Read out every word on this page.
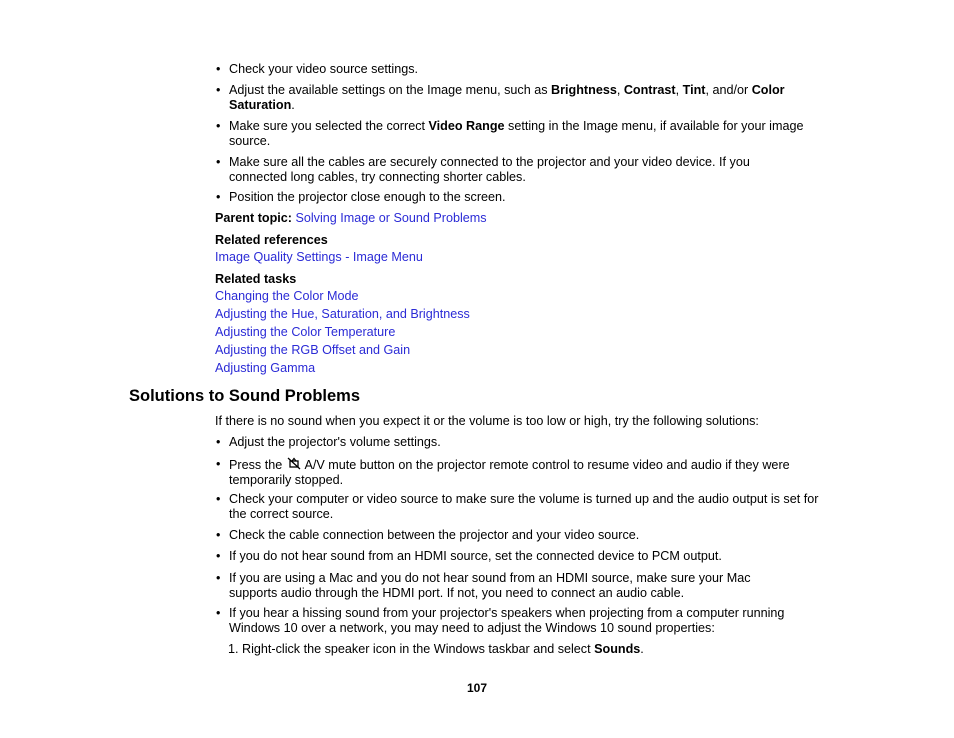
• Check your video source settings.
• Adjust the available settings on the Image menu, such as Brightness, Contrast, Tint, and/or Color Saturation.
• Make sure you selected the correct Video Range setting in the Image menu, if available for your image source.
• Make sure all the cables are securely connected to the projector and your video device. If you connected long cables, try connecting shorter cables.
• Position the projector close enough to the screen.
Parent topic: Solving Image or Sound Problems
Related references
Image Quality Settings - Image Menu
Related tasks
Changing the Color Mode
Adjusting the Hue, Saturation, and Brightness
Adjusting the Color Temperature
Adjusting the RGB Offset and Gain
Adjusting Gamma
Solutions to Sound Problems
If there is no sound when you expect it or the volume is too low or high, try the following solutions:
• Adjust the projector's volume settings.
• Press the  A/V mute button on the projector remote control to resume video and audio if they were temporarily stopped.
• Check your computer or video source to make sure the volume is turned up and the audio output is set for the correct source.
• Check the cable connection between the projector and your video source.
• If you do not hear sound from an HDMI source, set the connected device to PCM output.
• If you are using a Mac and you do not hear sound from an HDMI source, make sure your Mac supports audio through the HDMI port. If not, you need to connect an audio cable.
• If you hear a hissing sound from your projector's speakers when projecting from a computer running Windows 10 over a network, you may need to adjust the Windows 10 sound properties:
1. Right-click the speaker icon in the Windows taskbar and select Sounds.
107
